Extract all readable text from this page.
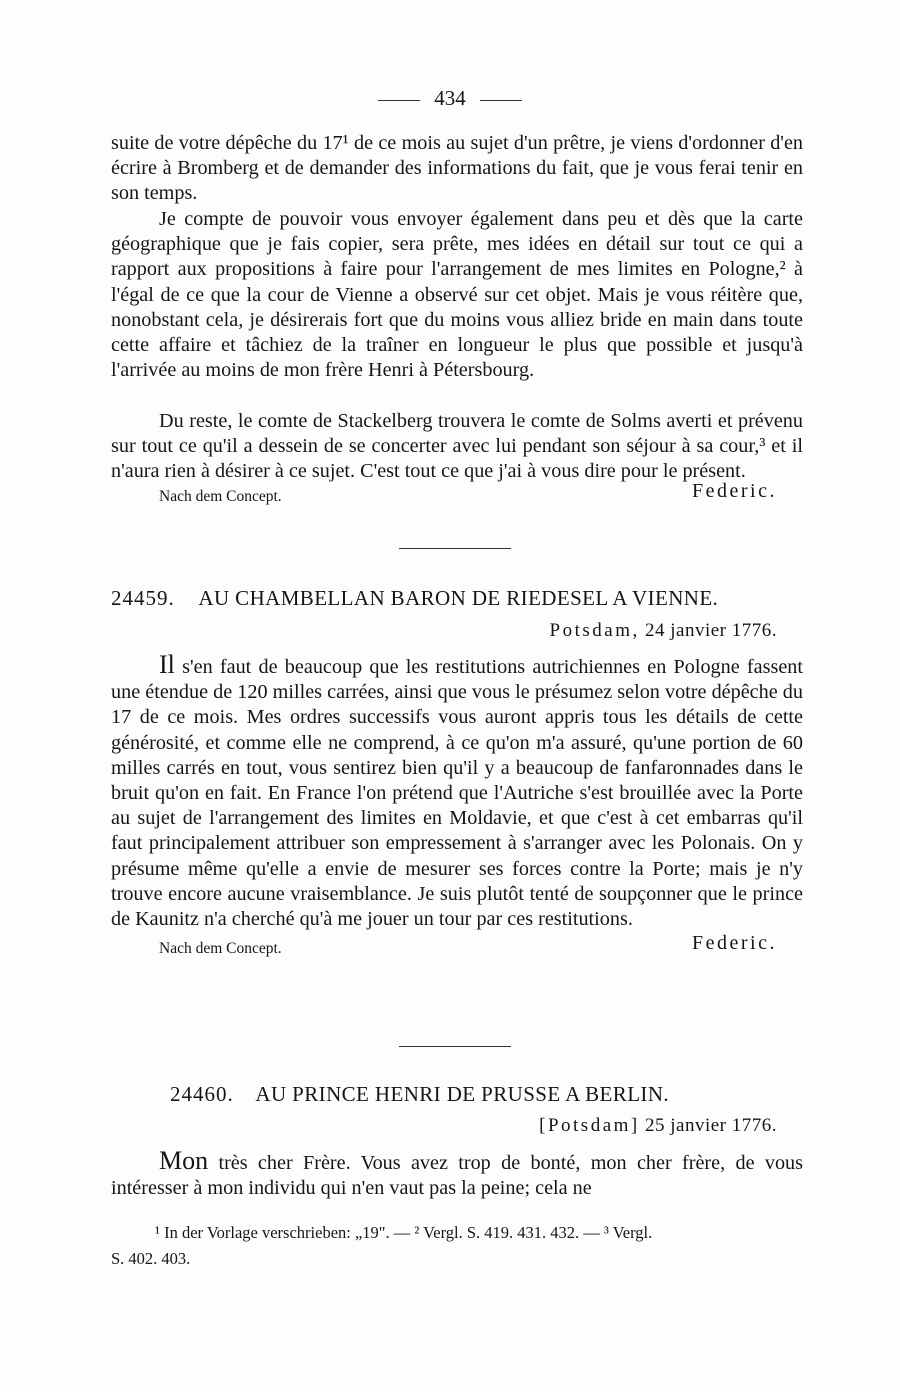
434

suite de votre dépêche du 17¹ de ce mois au sujet d'un prêtre, je viens d'ordonner d'en écrire à Bromberg et de demander des informations du fait, que je vous ferai tenir en son temps.

Je compte de pouvoir vous envoyer également dans peu et dès que la carte géographique que je fais copier, sera prête, mes idées en détail sur tout ce qui a rapport aux propositions à faire pour l'arrangement de mes limites en Pologne,² à l'égal de ce que la cour de Vienne a observé sur cet objet. Mais je vous réitère que, nonobstant cela, je désirerais fort que du moins vous alliez bride en main dans toute cette affaire et tâchiez de la traîner en longueur le plus que possible et jusqu'à l'arrivée au moins de mon frère Henri à Pétersbourg.

Du reste, le comte de Stackelberg trouvera le comte de Solms averti et prévenu sur tout ce qu'il a dessein de se concerter avec lui pendant son séjour à sa cour,³ et il n'aura rien à désirer à ce sujet. C'est tout ce que j'ai à vous dire pour le présent.

Federic.
Nach dem Concept.
24459. AU CHAMBELLAN BARON DE RIEDESEL A VIENNE.
Potsdam, 24 janvier 1776.

Il s'en faut de beaucoup que les restitutions autrichiennes en Pologne fassent une étendue de 120 milles carrées, ainsi que vous le présumez selon votre dépêche du 17 de ce mois. Mes ordres successifs vous auront appris tous les détails de cette générosité, et comme elle ne comprend, à ce qu'on m'a assuré, qu'une portion de 60 milles carrés en tout, vous sentirez bien qu'il y a beaucoup de fanfaronnades dans le bruit qu'on en fait. En France l'on prétend que l'Autriche s'est brouillée avec la Porte au sujet de l'arrangement des limites en Moldavie, et que c'est à cet embarras qu'il faut principalement attribuer son empressement à s'arranger avec les Polonais. On y présume même qu'elle a envie de mesurer ses forces contre la Porte; mais je n'y trouve encore aucune vraisemblance. Je suis plutôt tenté de soupçonner que le prince de Kaunitz n'a cherché qu'à me jouer un tour par ces restitutions.

Federic.
Nach dem Concept.
24460. AU PRINCE HENRI DE PRUSSE A BERLIN.
[Potsdam] 25 janvier 1776.

Mon très cher Frère. Vous avez trop de bonté, mon cher frère, de vous intéresser à mon individu qui n'en vaut pas la peine; cela ne

¹ In der Vorlage verschrieben: „19". — ² Vergl. S. 419. 431. 432. — ³ Vergl.
S. 402. 403.
